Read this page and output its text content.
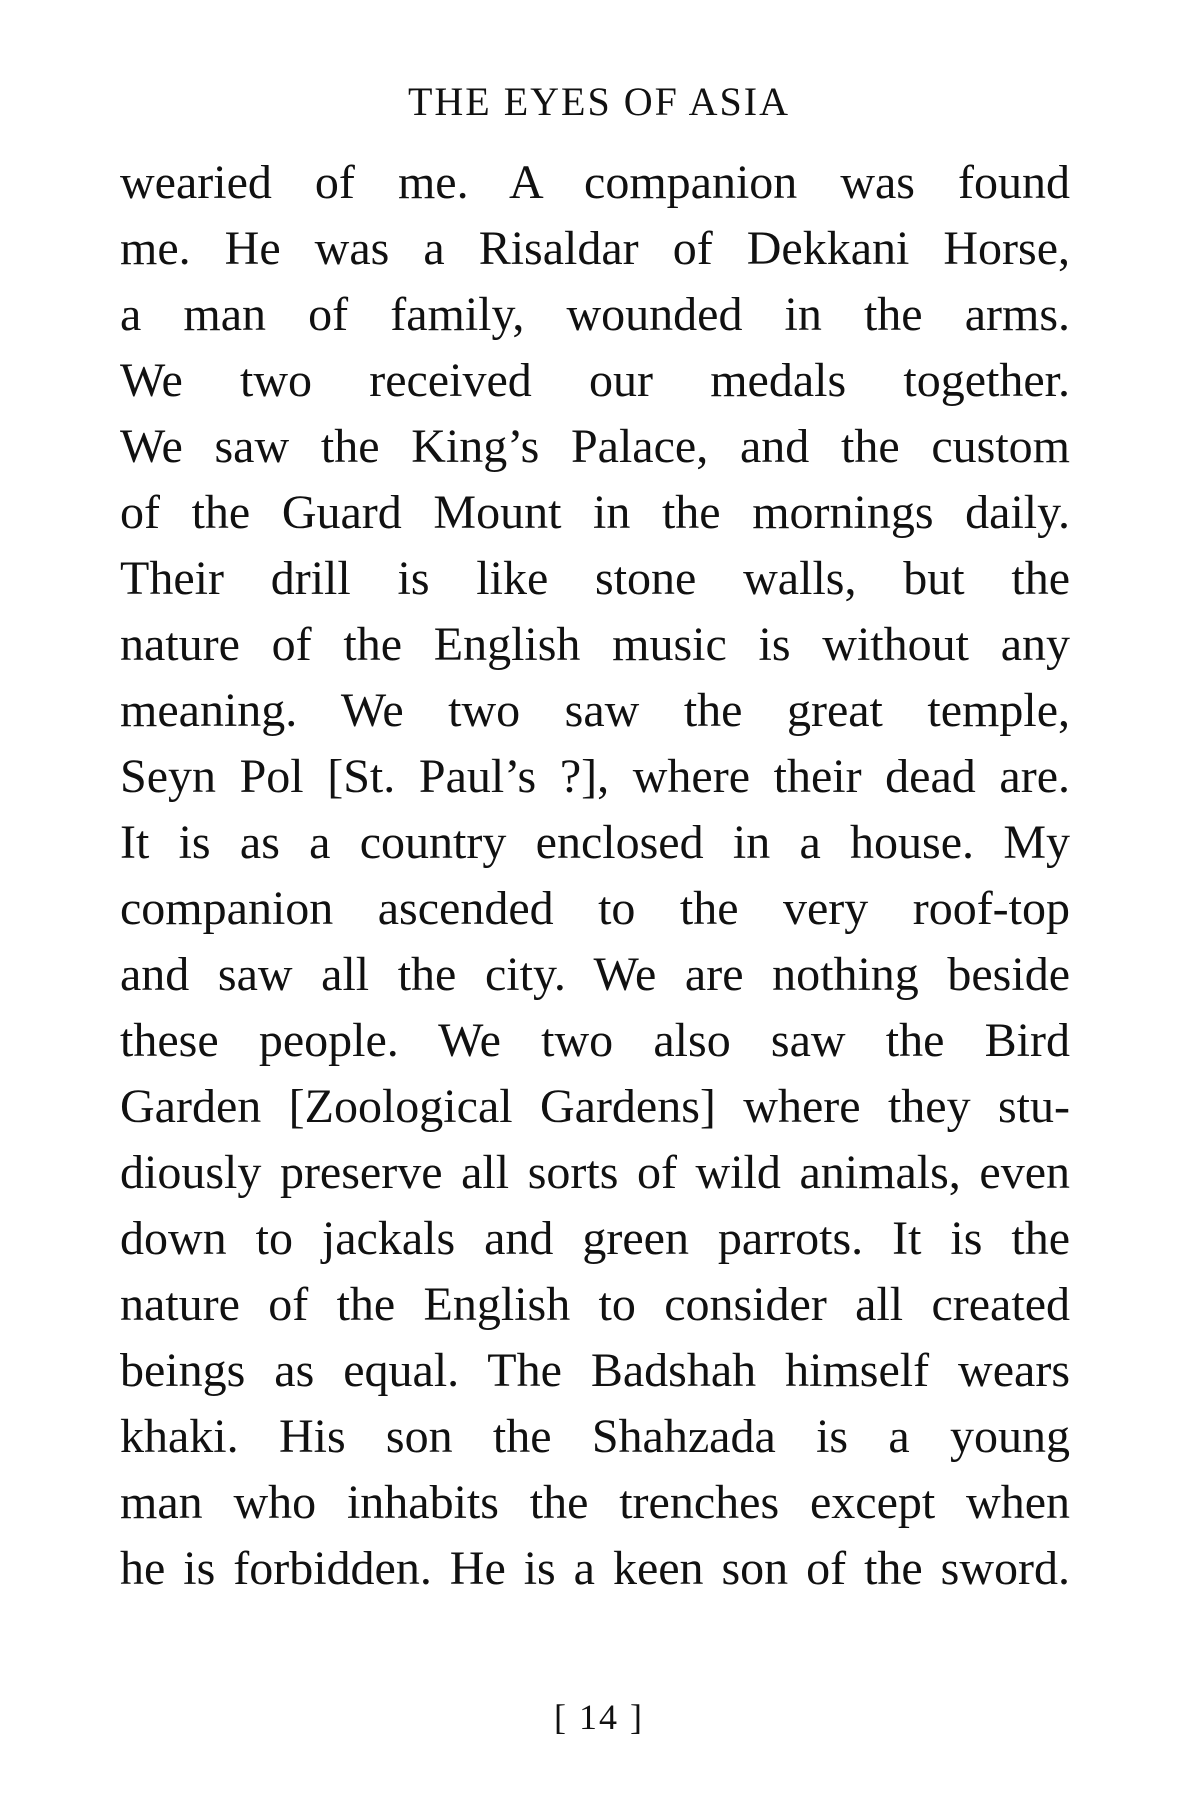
THE EYES OF ASIA
wearied of me. A companion was found
me. He was a Risaldar of Dekkani Horse,
a man of family, wounded in the arms.
We two received our medals together.
We saw the King’s Palace, and the custom
of the Guard Mount in the mornings daily.
Their drill is like stone walls, but the
nature of the English music is without any
meaning. We two saw the great temple,
Seyn Pol [St. Paul’s ?], where their dead are.
It is as a country enclosed in a house. My
companion ascended to the very roof-top
and saw all the city. We are nothing beside
these people. We two also saw the Bird
Garden [Zoological Gardens] where they stu-
diously preserve all sorts of wild animals, even
down to jackals and green parrots. It is the
nature of the English to consider all created
beings as equal. The Badshah himself wears
khaki. His son the Shahzada is a young
man who inhabits the trenches except when
he is forbidden. He is a keen son of the sword.
[ 14 ]
